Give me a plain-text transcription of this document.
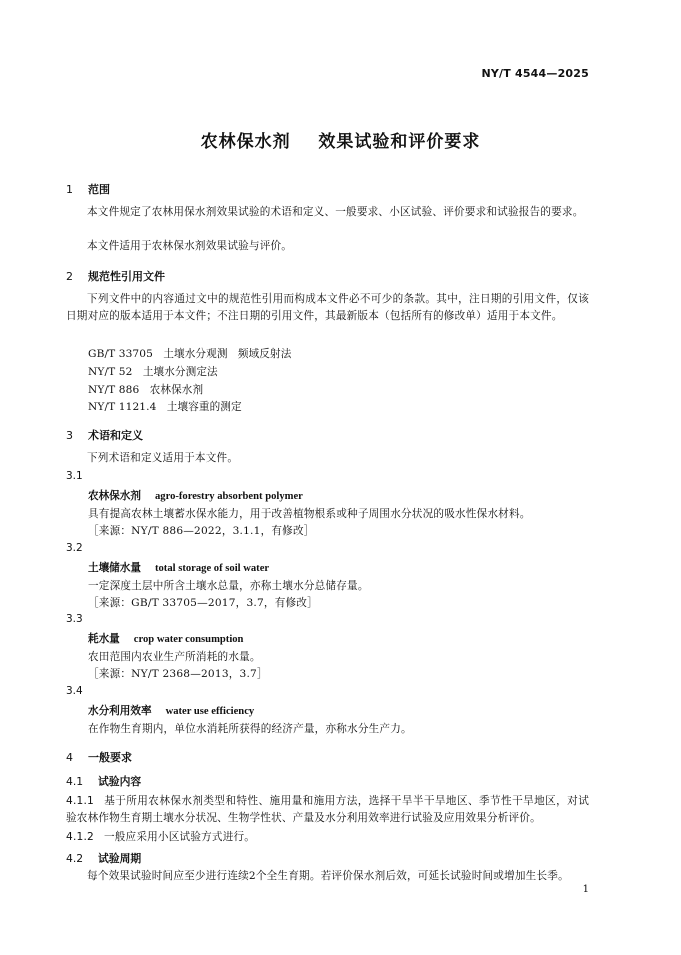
NY/T 4544—2025
农林保水剂    效果试验和评价要求
1 范围
本文件规定了农林用保水剂效果试验的术语和定义、一般要求、小区试验、评价要求和试验报告的要求。
本文件适用于农林保水剂效果试验与评价。
2 规范性引用文件
下列文件中的内容通过文中的规范性引用而构成本文件必不可少的条款。其中，注日期的引用文件，仅该日期对应的版本适用于本文件；不注日期的引用文件，其最新版本（包括所有的修改单）适用于本文件。
GB/T 33705   土壤水分观测   频域反射法
NY/T 52   土壤水分测定法
NY/T 886   农林保水剂
NY/T 1121.4   土壤容重的测定
3 术语和定义
下列术语和定义适用于本文件。
3.1
农林保水剂 agro-forestry absorbent polymer
具有提高农林土壤蓄水保水能力，用于改善植物根系或种子周围水分状况的吸水性保水材料。
［来源：NY/T 886—2022，3.1.1，有修改］
3.2
土壤储水量 total storage of soil water
一定深度土层中所含土壤水总量，亦称土壤水分总储存量。
［来源：GB/T 33705—2017，3.7，有修改］
3.3
耗水量 crop water consumption
农田范围内农业生产所消耗的水量。
［来源：NY/T 2368—2013，3.7］
3.4
水分利用效率 water use efficiency
在作物生育期内，单位水消耗所获得的经济产量，亦称水分生产力。
4 一般要求
4.1 试验内容
4.1.1 基于所用农林保水剂类型和特性、施用量和施用方法，选择干旱半干旱地区、季节性干旱地区，对试验农林作物生育期土壤水分状况、生物学性状、产量及水分利用效率进行试验及应用效果分析评价。
4.1.2 一般应采用小区试验方式进行。
4.2 试验周期
每个效果试验时间应至少进行连续2个全生育期。若评价保水剂后效，可延长试验时间或增加生长季。
1
